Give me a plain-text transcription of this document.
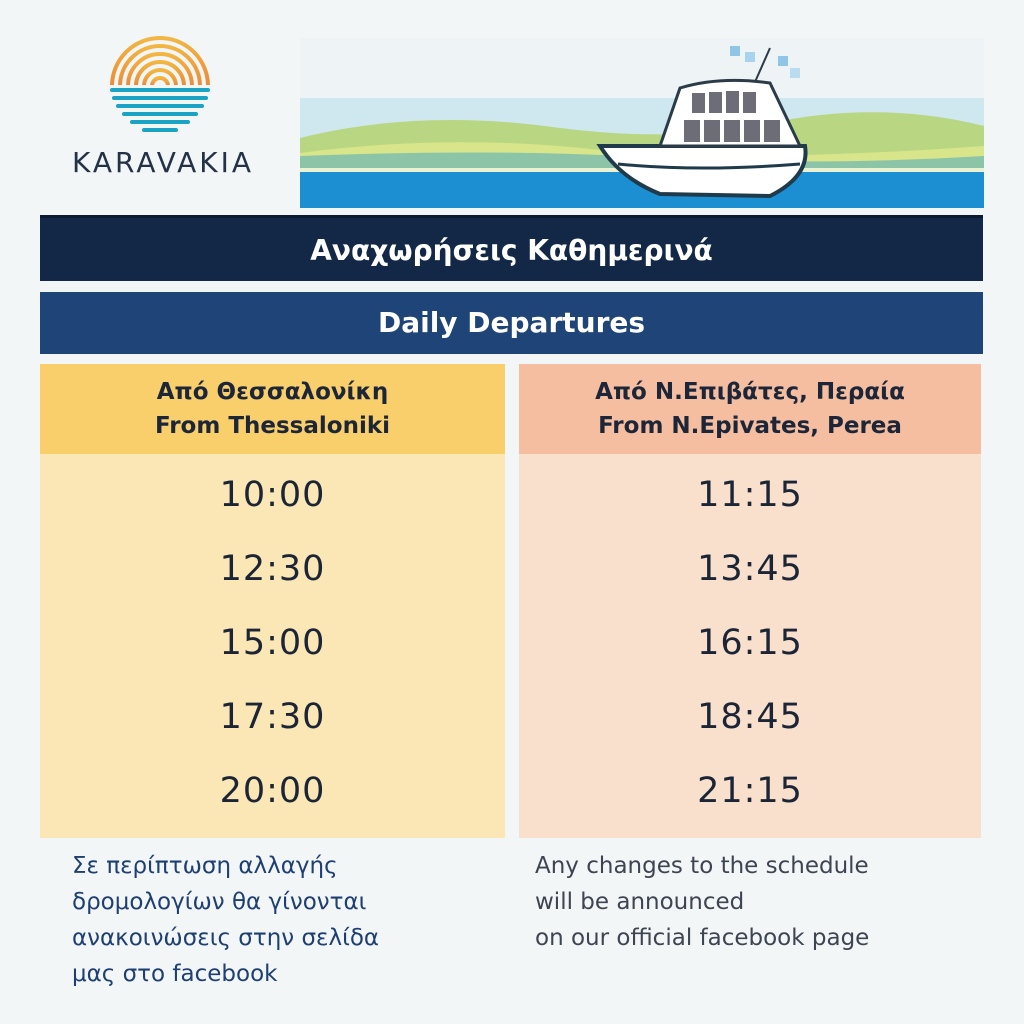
KARAVAKIA
Αναχωρήσεις Καθημερινά
Daily Departures
Από Θεσσαλονίκη
From Thessaloniki
10:00
12:30
15:00
17:30
20:00
Από Ν.Επιβάτες, Περαία
From N.Epivates, Perea
11:15
13:45
16:15
18:45
21:15
Σε περίπτωση αλλαγής
δρομολογίων θα γίνονται
ανακοινώσεις στην σελίδα
μας στο facebook
Any changes to the schedule
will be announced
on our official facebook page
